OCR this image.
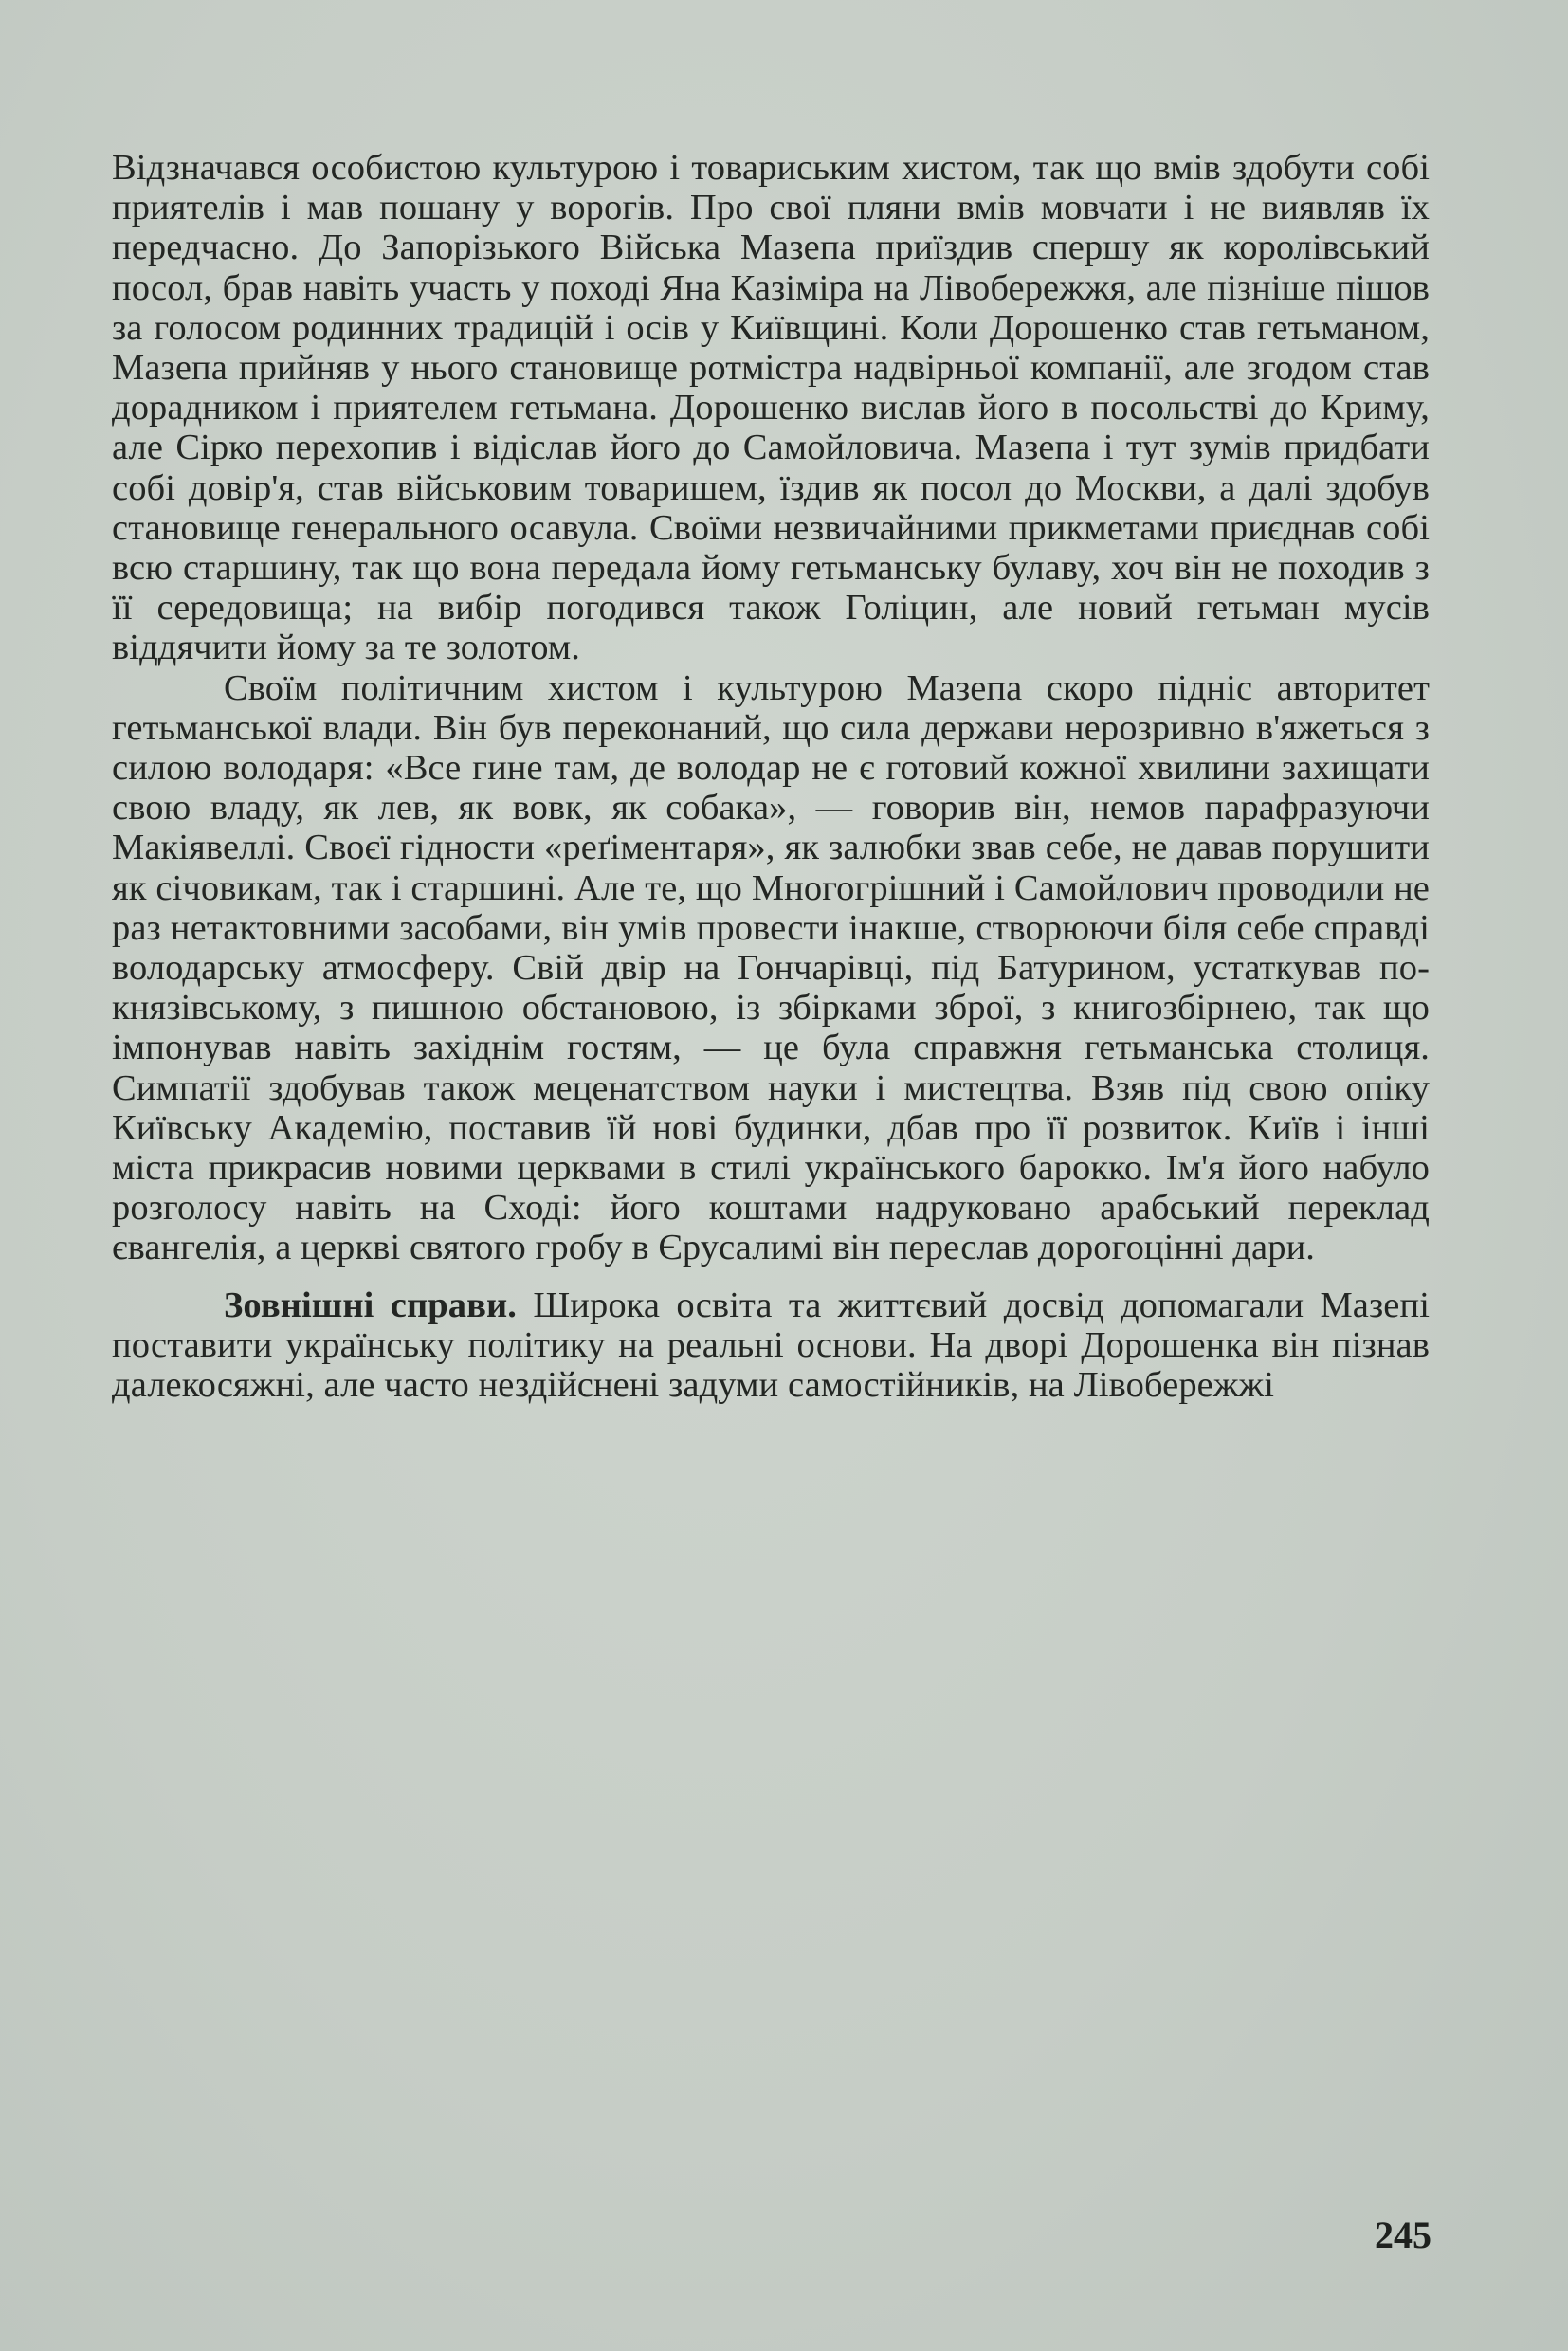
Відзначався особистою культурою і товариським хистом, так що вмів здобути собі приятелів і мав пошану у ворогів. Про свої пляни вмів мовчати і не виявляв їх передчасно. До Запорізького Війська Мазепа приїздив спершу як королівський посол, брав навіть участь у поході Яна Казіміра на Лівобережжя, але пізніше пішов за голосом родинних традицій і осів у Київщині. Коли Дорошенко став гетьманом, Мазепа прийняв у нього становище ротмістра надвірньої компанії, але згодом став дорадником і приятелем гетьмана. Дорошенко вислав його в посольстві до Криму, але Сірко перехопив і відіслав його до Самойловича. Мазепа і тут зумів придбати собі довір'я, став військовим товаришем, їздив як посол до Москви, а далі здобув становище генерального осавула. Своїми незвичайними прикметами приєднав собі всю старшину, так що вона передала йому гетьманську булаву, хоч він не походив з її середовища; на вибір погодився також Голіцин, але новий гетьман мусів віддячити йому за те золотом.

Своїм політичним хистом і культурою Мазепа скоро підніс авторитет гетьманської влади. Він був переконаний, що сила держави нерозривно в'яжеться з силою володаря: «Все гине там, де володар не є готовий кожної хвилини захищати свою владу, як лев, як вовк, як собака», — говорив він, немов парафразуючи Макіявеллі. Своєї гідности «реґіментаря», як залюбки звав себе, не давав порушити як січовикам, так і старшині. Але те, що Многогрішний і Самойлович проводили не раз нетактовними засобами, він умів провести інакше, створюючи біля себе справді володарську атмосферу. Свій двір на Гончарівці, під Батурином, устаткував по-князівському, з пишною обстановою, із збірками зброї, з книгозбірнею, так що імпонував навіть західнім гостям, — це була справжня гетьманська столиця. Симпатії здобував також меценатством науки і мистецтва. Взяв під свою опіку Київську Академію, поставив їй нові будинки, дбав про її розвиток. Київ і інші міста прикрасив новими церквами в стилі українського барокко. Ім'я його набуло розголосу навіть на Сході: його коштами надруковано арабський переклад євангелія, а церкві святого гробу в Єрусалимі він переслав дорогоцінні дари.

Зовнішні справи. Широка освіта та життєвий досвід допомагали Мазепі поставити українську політику на реальні основи. На дворі Дорошенка він пізнав далекосяжні, але часто нездійснені задуми самостійників, на Лівобережжі

245
